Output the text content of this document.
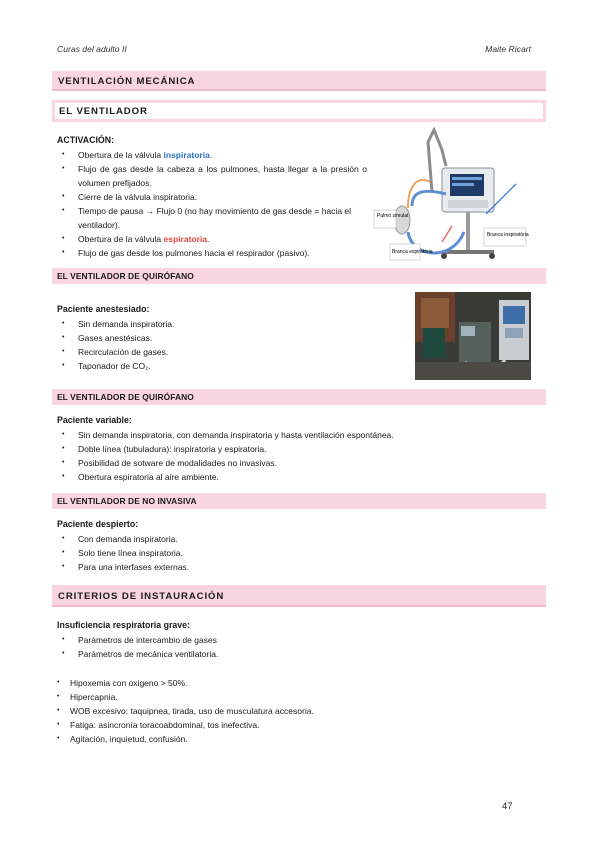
Curas del adulto II	Maite Ricart
VENTILACIÓN MECÁNICA
EL VENTILADOR
ACTIVACIÓN:
• Obertura de la válvula inspiratoria.
• Flujo de gas desde la cabeza a los pulmones, hasta llegar a la presión o volumen prefijados.
• Cierre de la válvula inspiratoria.
• Tiempo de pausa → Flujo 0 (no hay movimiento de gas desde = hacia el ventilador).
• Obertura de la válvula espiratoria.
• Flujo de gas desde los pulmones hacia el respirador (pasivo).
Pulmó simulat
Branca inspiratòria
Branca espiratòria
EL VENTILADOR DE QUIRÓFANO
Paciente anestesiado:
• Sin demanda inspiratoria.
• Gases anestésicas.
• Recirculación de gases.
• Taponador de CO₂.
EL VENTILADOR DE QUIRÓFANO
Paciente variable:
• Sin demanda inspiratoria, con demanda inspiratoria y hasta ventilación espontánea.
• Doble línea (tubuladura): inspiratoria y espiratoria.
• Posibilidad de sotware de modalidades no invasivas.
• Obertura espiratoria al aire ambiente.
EL VENTILADOR DE NO INVASIVA
Paciente despierto:
• Con demanda inspiratoria.
• Solo tiene línea inspiratoria.
• Para una interfases externas.
CRITERIOS DE INSTAURACIÓN
Insuficiencia respiratoria grave:
• Parámetros de intercambio de gases
• Parámetros de mecánica ventilatoria.
• Hipoxemia con oxigeno > 50%.
• Hipercapnia.
• WOB excesivo: taquipnea, tirada, uso de musculatura accesoria.
• Fatiga: asincronía toracoabdominal, tos inefectiva.
• Agitación, inquietud, confusión.
47
